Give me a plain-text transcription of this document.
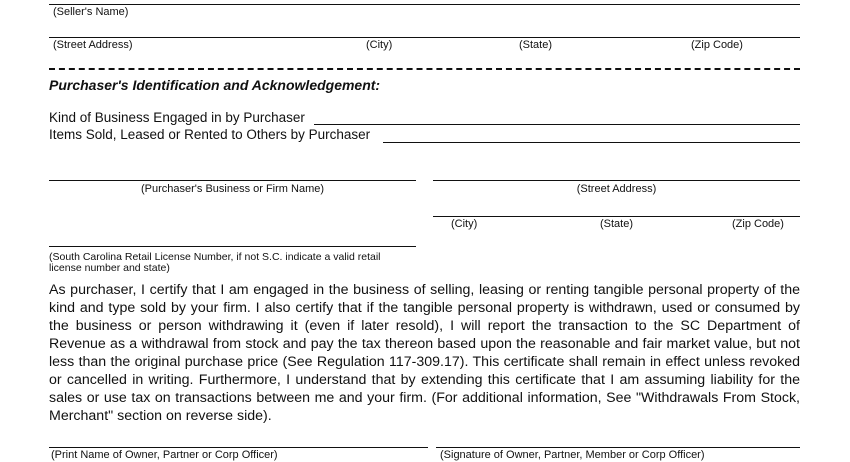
(Seller's Name)
(Street Address)	(City)	(State)	(Zip Code)
Purchaser's Identification and Acknowledgement:
Kind of Business Engaged in by Purchaser
Items Sold, Leased or Rented to Others by Purchaser
(Purchaser's Business or Firm Name)	(Street Address)
(City)	(State)	(Zip Code)
(South Carolina Retail License Number, if not S.C. indicate a valid retail
license number and state)
As purchaser, I certify that I am engaged in the business of selling, leasing or renting tangible personal property of the kind and type sold by your firm. I also certify that if the tangible personal property is withdrawn, used or consumed by the business or person withdrawing it (even if later resold), I will report the transaction to the SC Department of Revenue as a withdrawal from stock and pay the tax thereon based upon the reasonable and fair market value, but not less than the original purchase price (See Regulation 117-309.17). This certificate shall remain in effect unless revoked or cancelled in writing. Furthermore, I understand that by extending this certificate that I am assuming liability for the sales or use tax on transactions between me and your firm. (For additional information, See "Withdrawals From Stock, Merchant" section on reverse side).
(Print Name of Owner, Partner or Corp Officer)	(Signature of Owner, Partner, Member or Corp Officer)
